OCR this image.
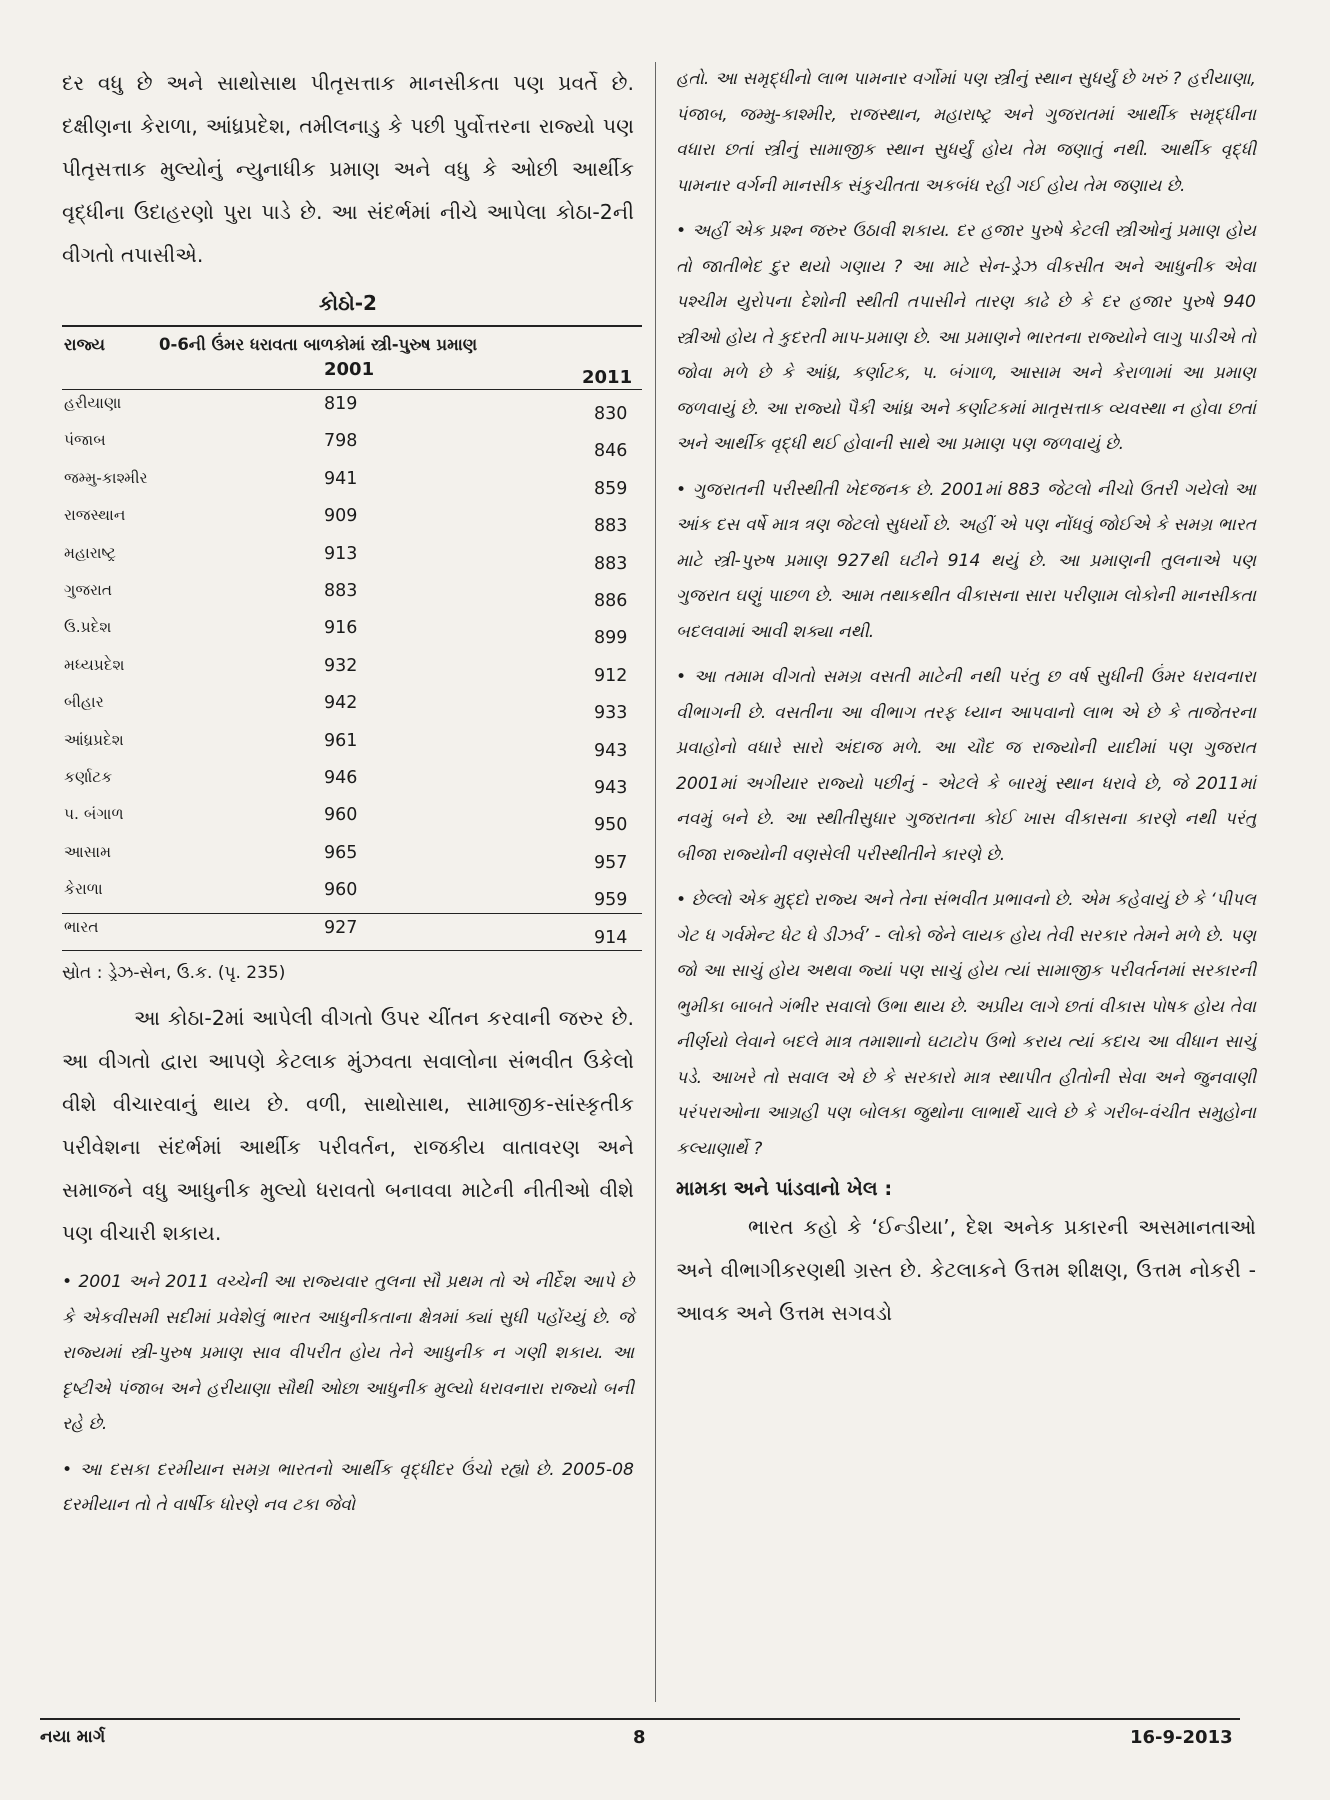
દર વધુ છે અને સાથોસાથ પીતૃસત્તાક માનસીકતા પણ પ્રવર્તે છે. દક્ષીણના કેરાળા, આંધ્રપ્રદેશ, તમીલનાડુ કે પછી પુર્વોત્તરના રાજ્યો પણ પીતૃસત્તાક મુલ્યોનું ન્યુનાધીક પ્રમાણ અને વધુ કે ઓછી આર્થીક વૃદ્ધીના ઉદાહરણો પુરા પાડે છે. આ સંદર્ભમાં નીચે આપેલા કોઠા-2ની વીગતો તપાસીએ.

કોઠો-2
રાજ્ય	0-6ની ઉંમર ધરાવતા બાળકોમાં સ્ત્રી-પુરુષ પ્રમાણ
2001	2011
હરીયાણા	819	830
પંજાબ	798	846
જમ્મુ-કાશ્મીર	941	859
રાજસ્થાન	909	883
મહારાષ્ટ્ર	913	883
ગુજરાત	883	886
ઉ.પ્રદેશ	916	899
મધ્યપ્રદેશ	932	912
બીહાર	942	933
આંધ્રપ્રદેશ	961	943
કર્ણાટક	946	943
પ. બંગાળ	960	950
આસામ	965	957
કેરાળા	960	959
ભારત	927	914

સ્રોત : ડ્રેઝ-સેન, ઉ.ક. (પૃ. 235)

આ કોઠા-2માં આપેલી વીગતો ઉપર ચીંતન કરવાની જરુર છે. આ વીગતો દ્વારા આપણે કેટલાક મુંઝવતા સવાલોના સંભવીત ઉકેલો વીશે વીચારવાનું થાય છે. વળી, સાથોસાથ, સામાજીક-સાંસ્કૃતીક પરીવેશના સંદર્ભમાં આર્થીક પરીવર્તન, રાજકીય વાતાવરણ અને સમાજને વધુ આધુનીક મુલ્યો ધરાવતો બનાવવા માટેની નીતીઓ વીશે પણ વીચારી શકાય.

• 2001 અને 2011 વચ્ચેની આ રાજ્યવાર તુલના સૌ પ્રથમ તો એ નીર્દેશ આપે છે કે એકવીસમી સદીમાં પ્રવેશેલું ભારત આધુનીકતાના ક્ષેત્રમાં ક્યાં સુધી પહોંચ્યું છે. જે રાજ્યમાં સ્ત્રી-પુરુષ પ્રમાણ સાવ વીપરીત હોય તેને આધુનીક ન ગણી શકાય. આ દૃષ્ટીએ પંજાબ અને હરીયાણા સૌથી ઓછા આધુનીક મુલ્યો ધરાવનારા રાજ્યો બની રહે છે.

• આ દસકા દરમીયાન સમગ્ર ભારતનો આર્થીક વૃદ્ધીદર ઉંચો રહ્યો છે. 2005-08 દરમીયાન તો તે વાર્ષીક ધોરણે નવ ટકા જેવો

હતો. આ સમૃદ્ધીનો લાભ પામનાર વર્ગોમાં પણ સ્ત્રીનું સ્થાન સુધર્યું છે ખરું ? હરીયાણા, પંજાબ, જમ્મુ-કાશ્મીર, રાજસ્થાન, મહારાષ્ટ્ર અને ગુજરાતમાં આર્થીક સમૃદ્ધીના વધારા છતાં સ્ત્રીનું સામાજીક સ્થાન સુધર્યું હોય તેમ જણાતું નથી. આર્થીક વૃદ્ધી પામનાર વર્ગની માનસીક સંકુચીતતા અકબંધ રહી ગઈ હોય તેમ જણાય છે.

• અહીં એક પ્રશ્ન જરુર ઉઠાવી શકાય. દર હજાર પુરુષે કેટલી સ્ત્રીઓનું પ્રમાણ હોય તો જાતીભેદ દુર થયો ગણાય ? આ માટે સેન-ડ્રેઝ વીકસીત અને આધુનીક એવા પશ્ચીમ યુરોપના દેશોની સ્થીતી તપાસીને તારણ કાઢે છે કે દર હજાર પુરુષે 940 સ્ત્રીઓ હોય તે કુદરતી માપ-પ્રમાણ છે. આ પ્રમાણને ભારતના રાજ્યોને લાગુ પાડીએ તો જોવા મળે છે કે આંધ્ર, કર્ણાટક, પ. બંગાળ, આસામ અને કેરાળામાં આ પ્રમાણ જળવાયું છે. આ રાજ્યો પૈકી આંધ્ર અને કર્ણાટકમાં માતૃસત્તાક વ્યવસ્થા ન હોવા છતાં અને આર્થીક વૃદ્ધી થઈ હોવાની સાથે આ પ્રમાણ પણ જળવાયું છે.

• ગુજરાતની પરીસ્થીતી ખેદજનક છે. 2001માં 883 જેટલો નીચો ઉતરી ગયેલો આ આંક દસ વર્ષે માત્ર ત્રણ જેટલો સુધર્યો છે. અહીં એ પણ નોંધવું જોઈએ કે સમગ્ર ભારત માટે સ્ત્રી-પુરુષ પ્રમાણ 927થી ઘટીને 914 થયું છે. આ પ્રમાણની તુલનાએ પણ ગુજરાત ઘણું પાછળ છે. આમ તથાકથીત વીકાસના સારા પરીણામ લોકોની માનસીકતા બદલવામાં આવી શક્યા નથી.

• આ તમામ વીગતો સમગ્ર વસતી માટેની નથી પરંતુ છ વર્ષ સુધીની ઉંમર ધરાવનારા વીભાગની છે. વસતીના આ વીભાગ તરફ ધ્યાન આપવાનો લાભ એ છે કે તાજેતરના પ્રવાહોનો વધારે સારો અંદાજ મળે. આ ચૌદ જ રાજ્યોની યાદીમાં પણ ગુજરાત 2001માં અગીયાર રાજ્યો પછીનું - એટલે કે બારમું સ્થાન ધરાવે છે, જે 2011માં નવમું બને છે. આ સ્થીતીસુધાર ગુજરાતના કોઈ ખાસ વીકાસના કારણે નથી પરંતુ બીજા રાજ્યોની વણસેલી પરીસ્થીતીને કારણે છે.

• છેલ્લો એક મુદ્દો રાજ્ય અને તેના સંભવીત પ્રભાવનો છે. એમ કહેવાયું છે કે ‘પીપલ ગેટ ધ ગર્વમેન્ટ ધેટ ધે ડીઝર્વ’ - લોકો જેને લાયક હોય તેવી સરકાર તેમને મળે છે. પણ જો આ સાચું હોય અથવા જ્યાં પણ સાચું હોય ત્યાં સામાજીક પરીવર્તનમાં સરકારની ભુમીકા બાબતે ગંભીર સવાલો ઉભા થાય છે. અપ્રીય લાગે છતાં વીકાસ પોષક હોય તેવા નીર્ણયો લેવાને બદલે માત્ર તમાશાનો ઘટાટોપ ઉભો કરાય ત્યાં કદાચ આ વીધાન સાચું પડે. આખરે તો સવાલ એ છે કે સરકારો માત્ર સ્થાપીત હીતોની સેવા અને જુનવાણી પરંપરાઓના આગ્રહી પણ બોલકા જુથોના લાભાર્થે ચાલે છે કે ગરીબ-વંચીત સમુહોના કલ્યાણાર્થે ?

મામકા અને પાંડવાનો ખેલ :

ભારત કહો કે ‘ઈન્ડીયા’, દેશ અનેક પ્રકારની અસમાનતાઓ અને વીભાગીકરણથી ગ્રસ્ત છે. કેટલાકને ઉત્તમ શીક્ષણ, ઉત્તમ નોકરી - આવક અને ઉત્તમ સગવડો

નયા માર્ગ	8	16-9-2013
